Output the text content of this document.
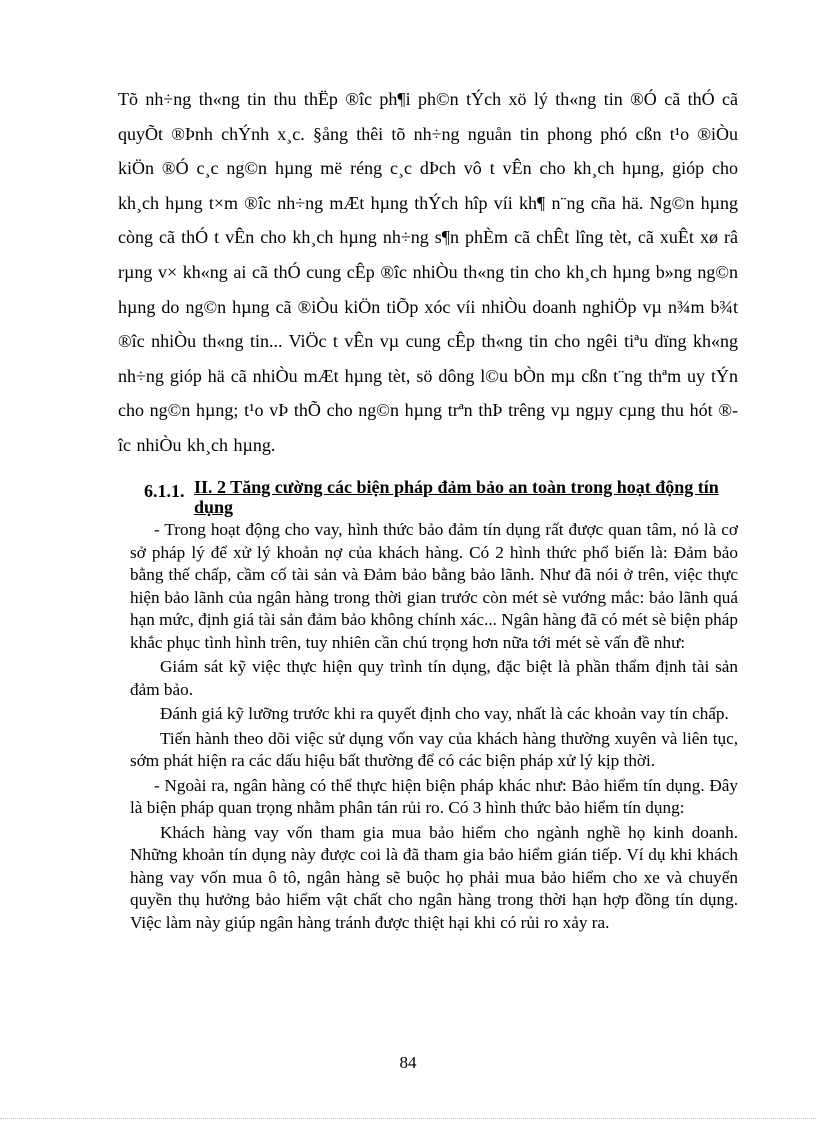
Tõ nh÷ng th«ng tin thu thËp ®îc ph¶i ph©n tÝch xö lý th«ng tin ®Ó cã thÓ cã quyÕt ®Þnh chÝnh x¸c. §ång thêi tõ nh÷ng nguån tin phong phó cßn t¹o ®iÒu kiÖn ®Ó c¸c ng©n hµng më réng c¸c dÞch vô t vÊn cho kh¸ch hµng, gióp cho kh¸ch hµng t×m ®îc nh÷ng mÆt hµng thÝch hîp víi kh¶ n¨ng cña hä. Ng©n hµng còng cã thÓ t vÊn cho kh¸ch hµng nh÷ng s¶n phÈm cã chÊt lîng tèt, cã xuÊt xø râ rµng v× kh«ng ai cã thÓ cung cÊp ®îc nhiÒu th«ng tin cho kh¸ch hµng b»ng ng©n hµng do ng©n hµng cã ®iÒu kiÖn tiÕp xóc víi nhiÒu doanh nghiÖp vµ n¾m b¾t ®îc nhiÒu th«ng tin... ViÖc t vÊn vµ cung cÊp th«ng tin cho ngêi tiªu dïng kh«ng nh÷ng gióp hä cã nhiÒu mÆt hµng tèt, sö dông l©u bÒn mµ cßn t¨ng thªm uy tÝn cho ng©n hµng; t¹o vÞ thÕ cho ng©n hµng trªn thÞ trêng vµ ngµy cµng thu hót ®îc nhiÒu kh¸ch hµng.

6.1.1. II. 2 Tăng cường các biện pháp đảm bảo an toàn trong hoạt động tín dụng

- Trong hoạt động cho vay, hình thức bảo đảm tín dụng rất được quan tâm, nó là cơ sở pháp lý để xử lý khoản nợ của khách hàng. Có 2 hình thức phổ biến là: Đảm bảo bằng thế chấp, cầm cố tài sản và Đảm bảo bằng bảo lãnh. Như đã nói ở trên, việc thực hiện bảo lãnh của ngân hàng trong thời gian trước còn mét sè vướng mắc: bảo lãnh quá hạn mức, định giá tài sản đảm bảo không chính xác... Ngân hàng đã có mét sè biện pháp khắc phục tình hình trên, tuy nhiên cần chú trọng hơn nữa tới mét sè vấn đề như:

Giám sát kỹ việc thực hiện quy trình tín dụng, đặc biệt là phần thẩm định tài sản đảm bảo.

Đánh giá kỹ lưỡng trước khi ra quyết định cho vay, nhất là các khoản vay tín chấp.

Tiến hành theo dõi việc sử dụng vốn vay của khách hàng thường xuyên và liên tục, sớm phát hiện ra các dấu hiệu bất thường để có các biện pháp xử lý kịp thời.

- Ngoài ra, ngân hàng có thể thực hiện biện pháp khác như: Bảo hiểm tín dụng. Đây là biện pháp quan trọng nhằm phân tán rủi ro. Có 3 hình thức bảo hiểm tín dụng:

Khách hàng vay vốn tham gia mua bảo hiểm cho ngành nghề họ kinh doanh. Những khoản tín dụng này được coi là đã tham gia bảo hiểm gián tiếp. Ví dụ khi khách hàng vay vốn mua ô tô, ngân hàng sẽ buộc họ phải mua bảo hiểm cho xe và chuyển quyền thụ hưởng bảo hiểm vật chất cho ngân hàng trong thời hạn hợp đồng tín dụng. Việc làm này giúp ngân hàng tránh được thiệt hại khi có rủi ro xảy ra.

84
